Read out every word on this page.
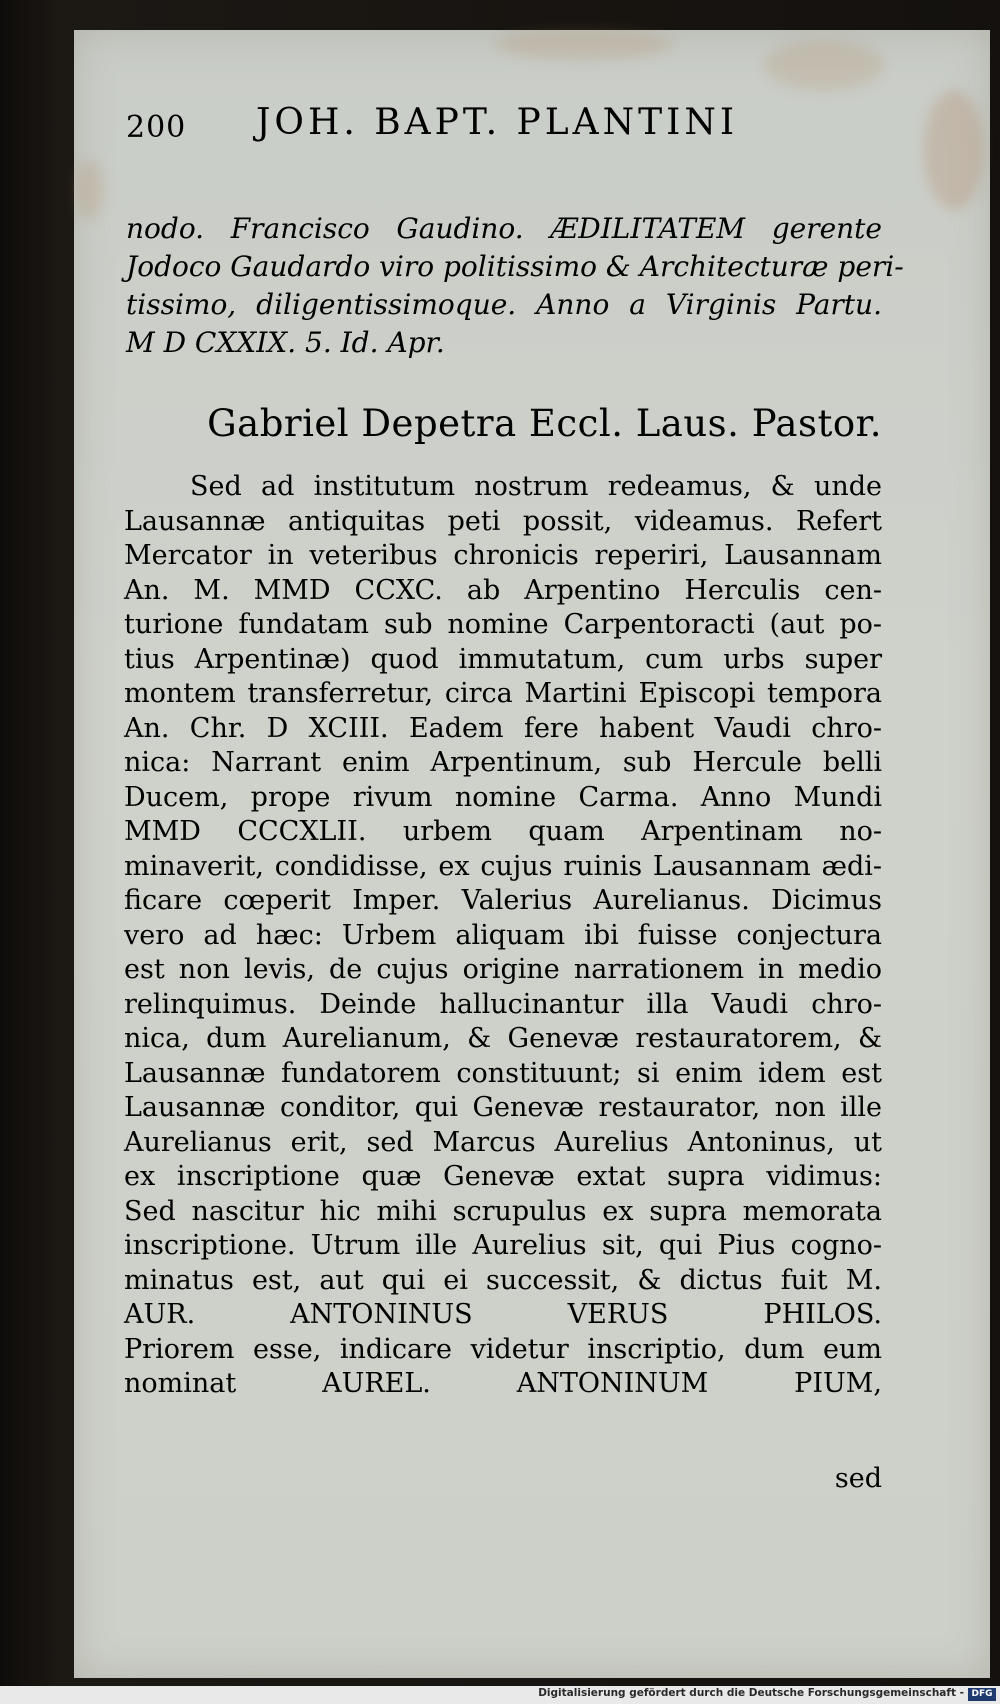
200 JOH. BAPT. PLANTINI
nodo. Francisco Gaudino. ÆDILITATEM gerente
Jodoco Gaudardo viro politissimo & Architecturæ peri-
tissimo, diligentissimoque. Anno a Virginis Partu.
M D CXXIX. 5. Id. Apr.
Gabriel Depetra Eccl. Laus. Pastor.
Sed ad institutum nostrum redeamus, & unde
Lausannæ antiquitas peti possit, videamus. Refert
Mercator in veteribus chronicis reperiri, Lausannam
An. M. MMD CCXC. ab Arpentino Herculis cen-
turione fundatam sub nomine Carpentoracti (aut po-
tius Arpentinæ) quod immutatum, cum urbs super
montem transferretur, circa Martini Episcopi tempora
An. Chr. D XCIII. Eadem fere habent Vaudi chro-
nica: Narrant enim Arpentinum, sub Hercule belli
Ducem, prope rivum nomine Carma. Anno Mundi
MMD CCCXLII. urbem quam Arpentinam no-
minaverit, condidisse, ex cujus ruinis Lausannam ædi-
ficare cœperit Imper. Valerius Aurelianus. Dicimus
vero ad hæc: Urbem aliquam ibi fuisse conjectura
est non levis, de cujus origine narrationem in medio
relinquimus. Deinde hallucinantur illa Vaudi chro-
nica, dum Aurelianum, & Genevæ restauratorem, &
Lausannæ fundatorem constituunt; si enim idem est
Lausannæ conditor, qui Genevæ restaurator, non ille
Aurelianus erit, sed Marcus Aurelius Antoninus, ut
ex inscriptione quæ Genevæ extat supra vidimus:
Sed nascitur hic mihi scrupulus ex supra memorata
inscriptione. Utrum ille Aurelius sit, qui Pius cogno-
minatus est, aut qui ei successit, & dictus fuit M.
AUR. ANTONINUS VERUS PHILOS.
Priorem esse, indicare videtur inscriptio, dum eum
nominat AUREL. ANTONINUM PIUM,
sed
Digitalisierung gefördert durch die Deutsche Forschungsgemeinschaft - DFG
